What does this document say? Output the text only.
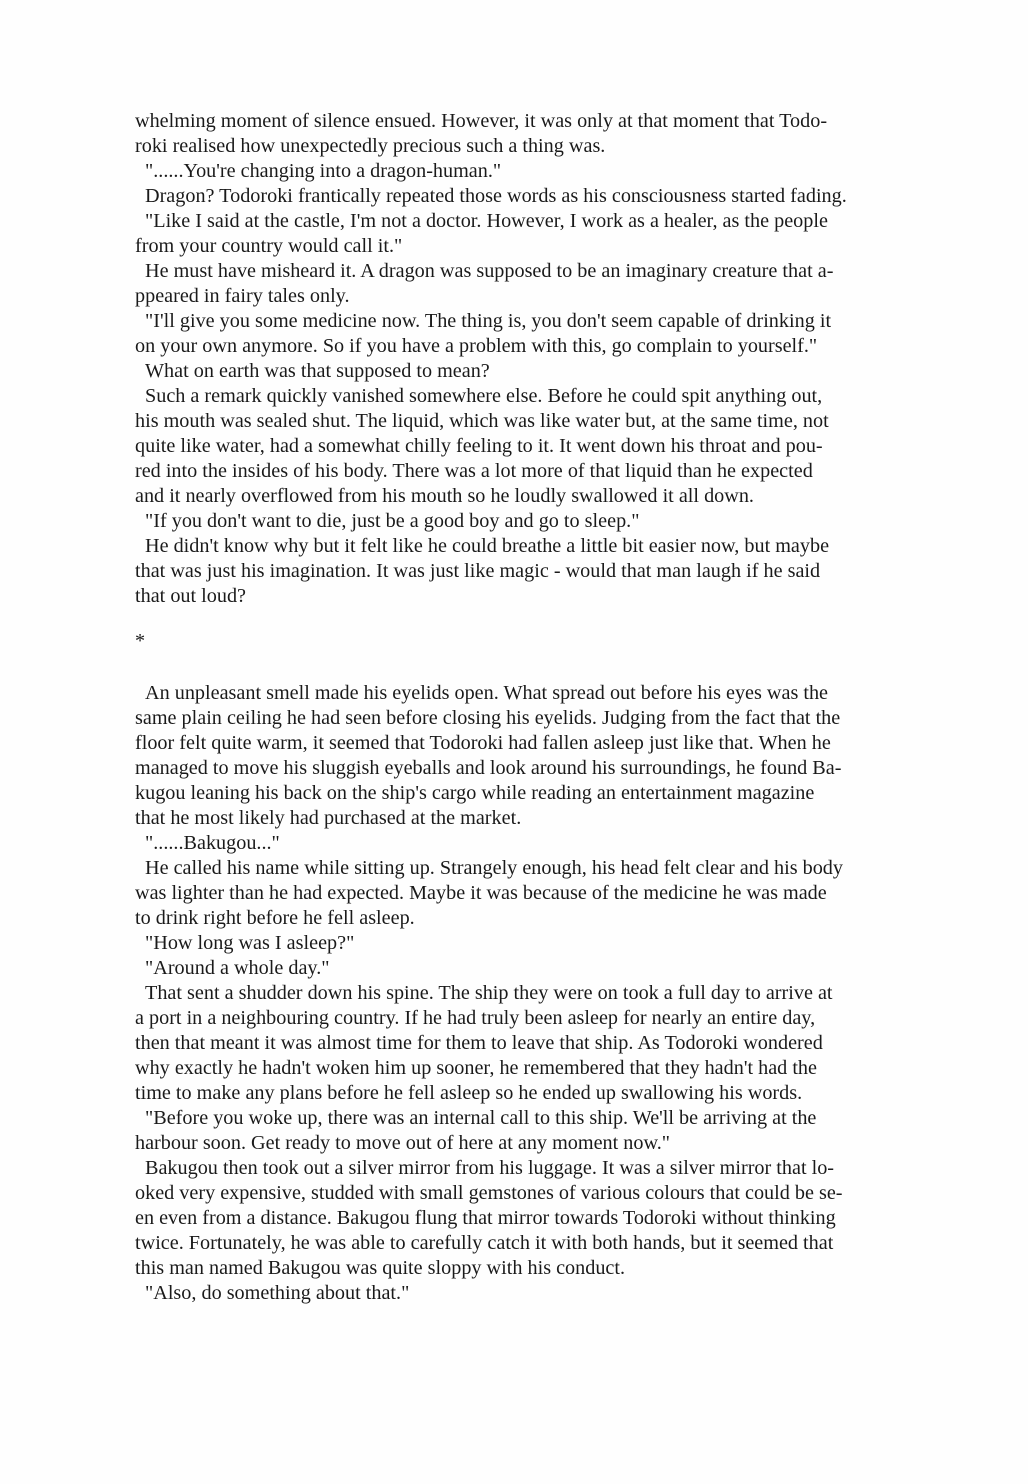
whelming moment of silence ensued. However, it was only at that moment that Todo-
roki realised how unexpectedly precious such a thing was.
"......You're changing into a dragon-human."
Dragon? Todoroki frantically repeated those words as his consciousness started fading.
"Like I said at the castle, I'm not a doctor. However, I work as a healer, as the people
from your country would call it."
He must have misheard it. A dragon was supposed to be an imaginary creature that a-
ppeared in fairy tales only.
"I'll give you some medicine now. The thing is, you don't seem capable of drinking it
on your own anymore. So if you have a problem with this, go complain to yourself."
What on earth was that supposed to mean?
Such a remark quickly vanished somewhere else. Before he could spit anything out,
his mouth was sealed shut. The liquid, which was like water but, at the same time, not
quite like water, had a somewhat chilly feeling to it. It went down his throat and pou-
red into the insides of his body. There was a lot more of that liquid than he expected
and it nearly overflowed from his mouth so he loudly swallowed it all down.
"If you don't want to die, just be a good boy and go to sleep."
He didn't know why but it felt like he could breathe a little bit easier now, but maybe
that was just his imagination. It was just like magic - would that man laugh if he said
that out loud?
*
An unpleasant smell made his eyelids open. What spread out before his eyes was the
same plain ceiling he had seen before closing his eyelids. Judging from the fact that the
floor felt quite warm, it seemed that Todoroki had fallen asleep just like that. When he
managed to move his sluggish eyeballs and look around his surroundings, he found Ba-
kugou leaning his back on the ship's cargo while reading an entertainment magazine
that he most likely had purchased at the market.
"......Bakugou..."
He called his name while sitting up. Strangely enough, his head felt clear and his body
was lighter than he had expected. Maybe it was because of the medicine he was made
to drink right before he fell asleep.
"How long was I asleep?"
"Around a whole day."
That sent a shudder down his spine. The ship they were on took a full day to arrive at
a port in a neighbouring country. If he had truly been asleep for nearly an entire day,
then that meant it was almost time for them to leave that ship. As Todoroki wondered
why exactly he hadn't woken him up sooner, he remembered that they hadn't had the
time to make any plans before he fell asleep so he ended up swallowing his words.
"Before you woke up, there was an internal call to this ship. We'll be arriving at the
harbour soon. Get ready to move out of here at any moment now."
Bakugou then took out a silver mirror from his luggage. It was a silver mirror that lo-
oked very expensive, studded with small gemstones of various colours that could be se-
en even from a distance. Bakugou flung that mirror towards Todoroki without thinking
twice. Fortunately, he was able to carefully catch it with both hands, but it seemed that
this man named Bakugou was quite sloppy with his conduct.
"Also, do something about that."
